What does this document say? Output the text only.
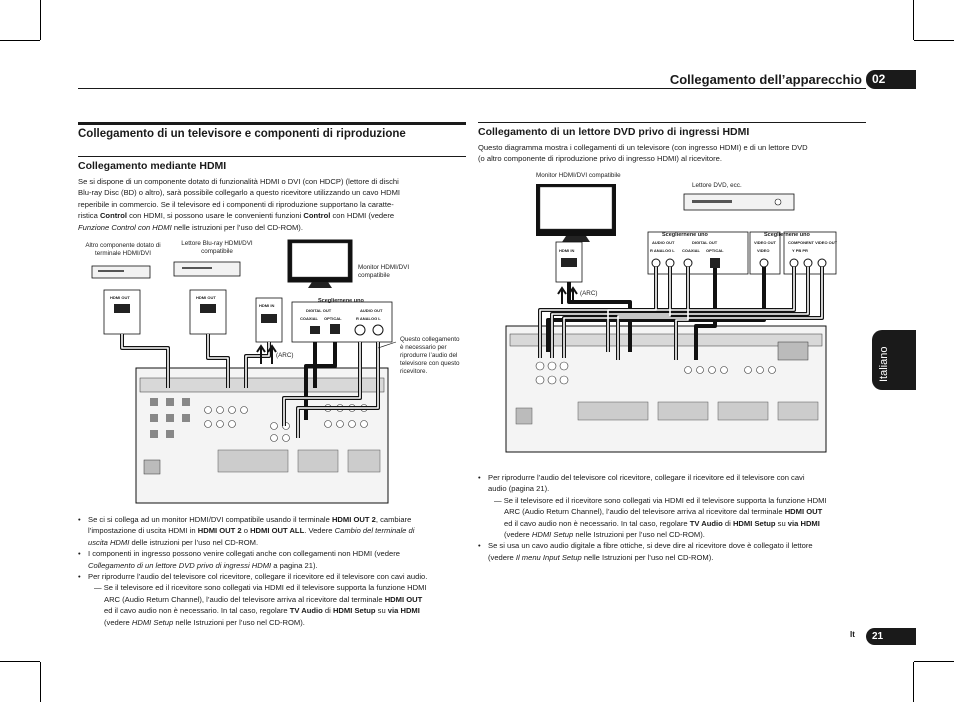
Collegamento dell’apparecchio 02
Italiano
It	21
Collegamento di un televisore e componenti di riproduzione
Collegamento mediante HDMI
Se si dispone di un componente dotato di funzionalità HDMI o DVI (con HDCP) (lettore di dischi
Blu-ray Disc (BD) o altro), sarà possibile collegarlo a questo ricevitore utilizzando un cavo HDMI
reperibile in commercio. Se il televisore ed i componenti di riproduzione supportano la caratte-
ristica Control con HDMI, si possono usare le convenienti funzioni Control con HDMI (vedere
Funzione Control con HDMI nelle istruzioni per l’uso del CD-ROM).
Altro componente dotato di terminale HDMI/DVI
Lettore Blu-ray HDMI/DVI compatibile
Monitor HDMI/DVI compatibile
HDMI OUT	HDMI OUT
HDMI IN
Scegliernene uno
DIGITAL OUT	AUDIO OUT
COAXIAL OPTICAL	R ANALOG L
(ARC)
Questo collegamento è necessario per riprodurre l’audio del televisore con questo ricevitore.
• Se ci si collega ad un monitor HDMI/DVI compatibile usando il terminale HDMI OUT 2, cambiare
l’impostazione di uscita HDMI in HDMI OUT 2 o HDMI OUT ALL. Vedere Cambio del terminale di
uscita HDMI delle istruzioni per l’uso nel CD-ROM.
• I componenti in ingresso possono venire collegati anche con collegamenti non HDMI (vedere
Collegamento di un lettore DVD privo di ingressi HDMI a pagina 21).
• Per riprodurre l’audio del televisore col ricevitore, collegare il ricevitore ed il televisore con cavi audio.
— Se il televisore ed il ricevitore sono collegati via HDMI ed il televisore supporta la funzione HDMI
ARC (Audio Return Channel), l’audio del televisore arriva al ricevitore dal terminale HDMI OUT
ed il cavo audio non è necessario. In tal caso, regolare TV Audio di HDMI Setup su via HDMI
(vedere HDMI Setup nelle Istruzioni per l’uso nel CD-ROM).
Collegamento di un lettore DVD privo di ingressi HDMI
Questo diagramma mostra i collegamenti di un televisore (con ingresso HDMI) e di un lettore DVD
(o altro componente di riproduzione privo di ingresso HDMI) al ricevitore.
Monitor HDMI/DVI compatibile
Lettore DVD, ecc.
HDMI IN
Scegliernene uno	Scegliernene uno
AUDIO OUT	DIGITAL OUT
R ANALOG L COAXIAL OPTICAL
VIDEO OUT
VIDEO
COMPONENT VIDEO OUT
Y PB PR
(ARC)
• Per riprodurre l’audio del televisore col ricevitore, collegare il ricevitore ed il televisore con cavi
audio (pagina 21).
— Se il televisore ed il ricevitore sono collegati via HDMI ed il televisore supporta la funzione HDMI
ARC (Audio Return Channel), l’audio del televisore arriva al ricevitore dal terminale HDMI OUT
ed il cavo audio non è necessario. In tal caso, regolare TV Audio di HDMI Setup su via HDMI
(vedere HDMI Setup nelle Istruzioni per l’uso nel CD-ROM).
• Se si usa un cavo audio digitale a fibre ottiche, si deve dire al ricevitore dove è collegato il lettore
(vedere Il menu Input Setup nelle Istruzioni per l’uso nel CD-ROM).
